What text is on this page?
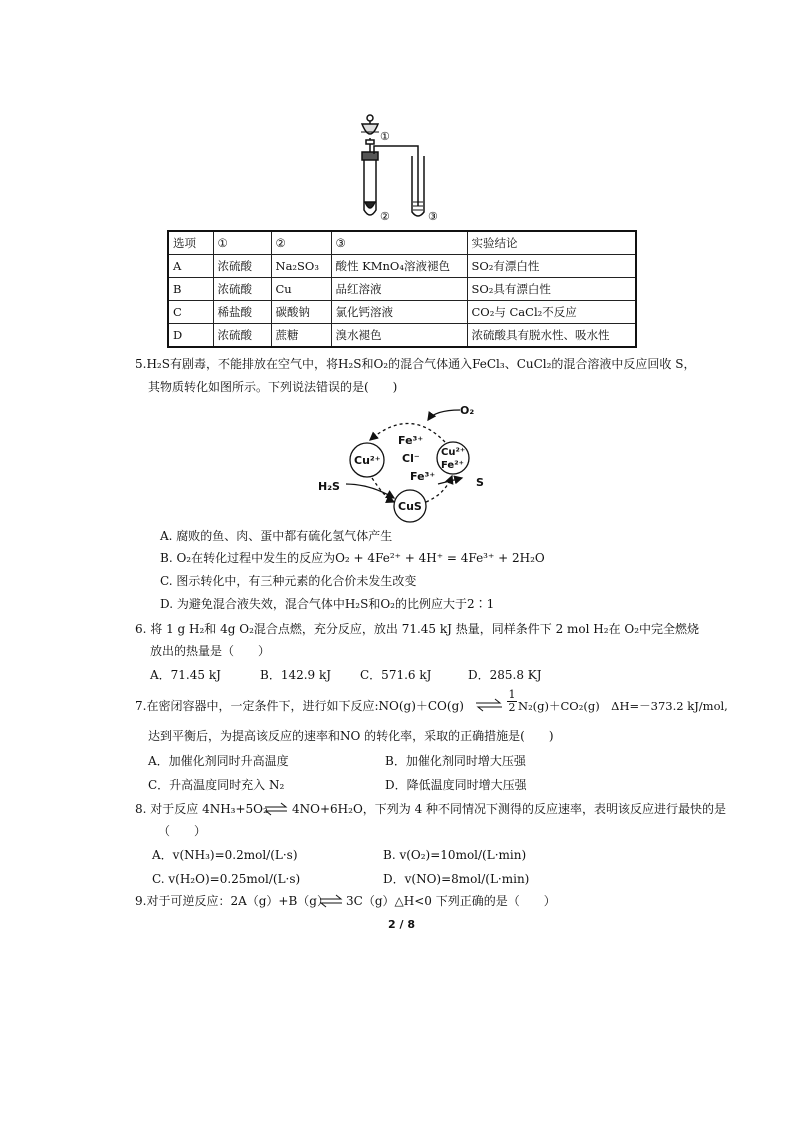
①
②	③
选项	①	②	③	实验结论
A	浓硫酸	Na₂SO₃	酸性 KMnO₄溶液褪色	SO₂有漂白性
B	浓硫酸	Cu	品红溶液	SO₂具有漂白性
C	稀盐酸	碳酸钠	氯化钙溶液	CO₂与 CaCl₂不反应
D	浓硫酸	蔗糖	溴水褪色	浓硫酸具有脱水性、吸水性
5.H₂S有剧毒，不能排放在空气中，将H₂S和O₂的混合气体通入FeCl₃、CuCl₂的混合溶液中反应回收 S，
其物质转化如图所示。下列说法错误的是(　　)
O₂
Fe³⁺
Cl⁻
Fe³⁺
Cu²⁺
Cu²⁺
Fe²⁺
H₂S
CuS
S
A. 腐败的鱼、肉、蛋中都有硫化氢气体产生
B. O₂在转化过程中发生的反应为O₂ + 4Fe²⁺ + 4H⁺ = 4Fe³⁺ + 2H₂O
C. 图示转化中，有三种元素的化合价未发生改变
D. 为避免混合液失效，混合气体中H₂S和O₂的比例应大于2∶1
6. 将 1 g H₂和 4g O₂混合点燃，充分反应，放出 71.45 kJ 热量，同样条件下 2 mol H₂在 O₂中完全燃烧
放出的热量是（　　）
A．71.45 kJ	B．142.9 kJ C．571.6 kJ	D．285.8 KJ
7.在密闭容器中，一定条件下，进行如下反应:NO(g)＋CO(g) ⇌ $\frac{1}{2} N_2(g)+CO_2(g)$　ΔH=－373.2 kJ/mol,
达到平衡后，为提高该反应的速率和NO 的转化率，采取的正确措施是(　　)
A．加催化剂同时升高温度	B．加催化剂同时增大压强
C．升高温度同时充入 N₂	D．降低温度同时增大压强
8. 对于反应 4NH₃+5O₂ ⇌ 4NO+6H₂O，下列为 4 种不同情况下测得的反应速率，表明该反应进行最快的是
（　　）
A．v(NH₃)=0.2mol/(L·s)	B. v(O₂)=10mol/(L·min)
C. v(H₂O)=0.25mol/(L·s)	D．v(NO)=8mol/(L·min)
9.对于可逆反应：2A（g）+B（g） ⇌ 3C（g）△H<0 下列正确的是（　　）
2 / 8
